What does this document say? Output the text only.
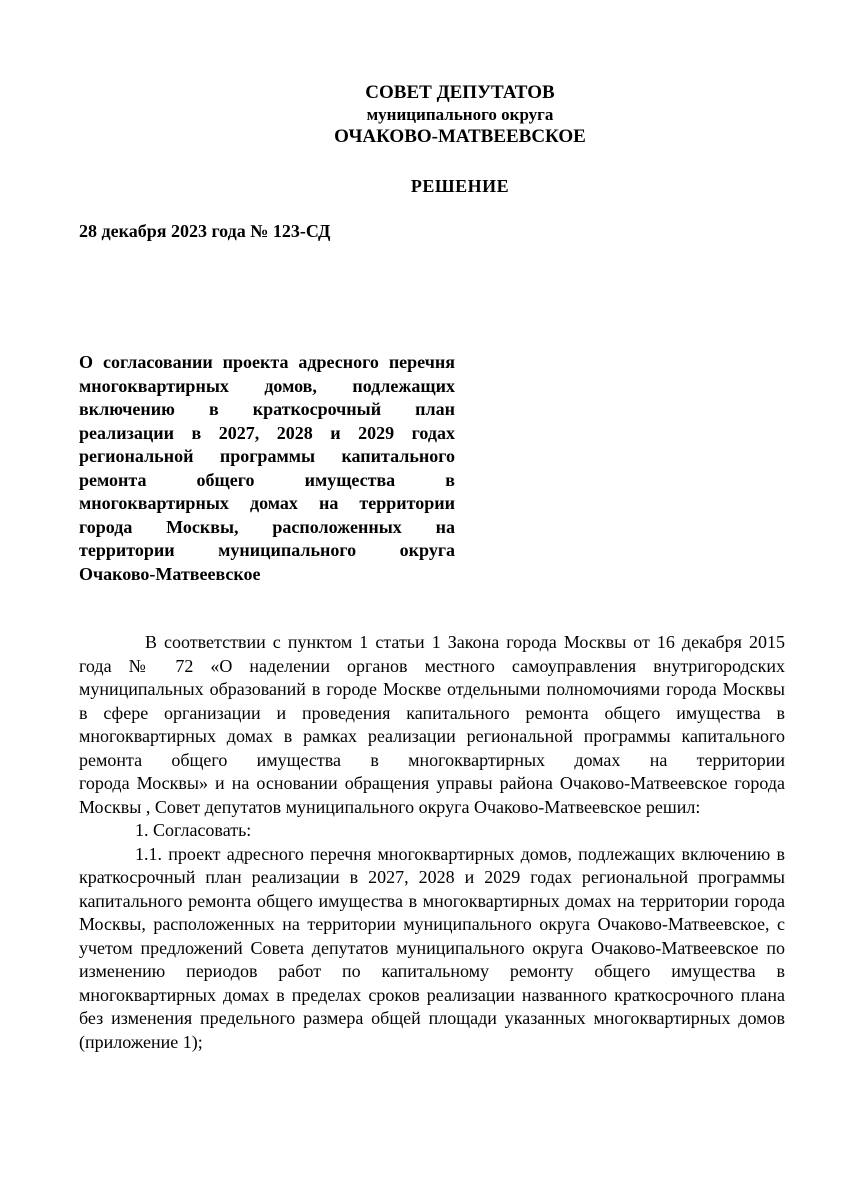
СОВЕТ ДЕПУТАТОВ
муниципального округа
ОЧАКОВО-МАТВЕЕВСКОЕ
РЕШЕНИЕ
28 декабря 2023 года № 123-СД
О согласовании проекта адресного перечня многоквартирных домов, подлежащих включению в краткосрочный план реализации в 2027, 2028 и 2029 годах региональной программы капитального ремонта общего имущества в многоквартирных домах на территории города Москвы, расположенных на территории муниципального округа Очаково-Матвеевское

В соответствии с пунктом 1 статьи 1 Закона города Москвы от 16 декабря 2015 года № 72 «О наделении органов местного самоуправления внутригородских муниципальных образований в городе Москве отдельными полномочиями города Москвы в сфере организации и проведения капитального ремонта общего имущества в многоквартирных домах в рамках реализации региональной программы капитального ремонта общего имущества в многоквартирных домах на территории

города Москвы» и на основании обращения управы района Очаково-Матвеевское города Москвы , Совет депутатов муниципального округа Очаково-Матвеевское решил:

1. Согласовать:

1.1. проект адресного перечня многоквартирных домов, подлежащих включению в краткосрочный план реализации в 2027, 2028 и 2029 годах региональной программы капитального ремонта общего имущества в многоквартирных домах на территории города Москвы, расположенных на территории муниципального округа Очаково-Матвеевское, с учетом предложений Совета депутатов муниципального округа Очаково-Матвеевское по изменению периодов работ по капитальному ремонту общего имущества в многоквартирных домах в пределах сроков реализации названного краткосрочного плана без изменения предельного размера общей площади указанных многоквартирных домов (приложение 1);
